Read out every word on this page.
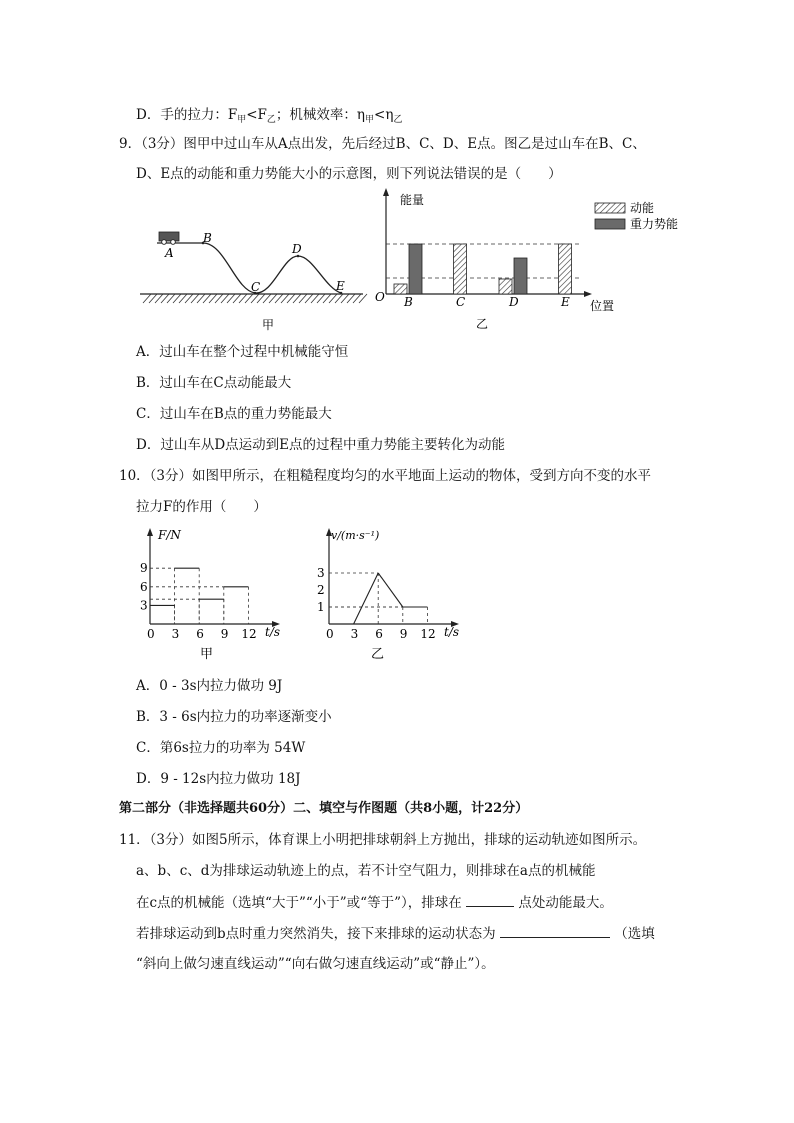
D．手的拉力：$F_甲<F_乙$；机械效率：$\eta_甲<\eta_乙$
9．（3分）图甲中过山车从A点出发，先后经过B、C、D、E点。图乙是过山车在B、C、
D、E点的动能和重力势能大小的示意图，则下列说法错误的是（　　）
A
B
C
D
E
甲
能量
位置
O B	C	D	E
动能
重力势能
乙
A．过山车在整个过程中机械能守恒
B．过山车在C点动能最大
C．过山车在B点的重力势能最大
D．过山车从D点运动到E点的过程中重力势能主要转化为动能
10．（3分）如图甲所示，在粗糙程度均匀的水平地面上运动的物体，受到方向不变的水平
拉力F的作用（　　）
F/N
t/s
0 3 6 9 12
3
6
9
甲
v/(m·s⁻¹)
t/s
0 3 6 9 12
1
2
3
乙
A．0 - 3s内拉力做功 9J
B．3 - 6s内拉力的功率逐渐变小
C．第6s拉力的功率为 54W
D．9 - 12s内拉力做功 18J
第二部分（非选择题共60分）二、填空与作图题（共8小题，计22分）
11．（3分）如图5所示，体育课上小明把排球朝斜上方抛出，排球的运动轨迹如图所示。
a、b、c、d为排球运动轨迹上的点，若不计空气阻力，则排球在a点的机械能
在c点的机械能（选填“大于”“小于”或“等于”），排球在	点处动能最大。
若排球运动到b点时重力突然消失，接下来排球的运动状态为	（选填
“斜向上做匀速直线运动”“向右做匀速直线运动”或“静止”）。
